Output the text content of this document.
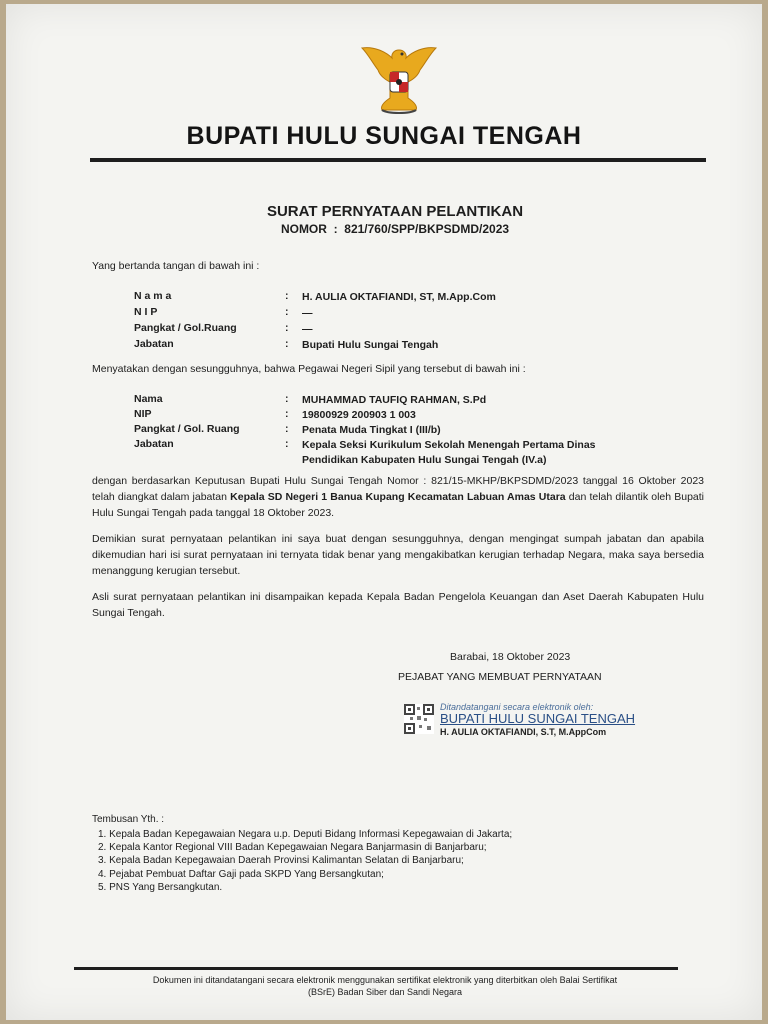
BUPATI HULU SUNGAI TENGAH
SURAT PERNYATAAN PELANTIKAN
NOMOR  :  821/760/SPP/BKPSDMD/2023
Yang bertanda tangan di bawah ini :
N a m a	: H. AULIA OKTAFIANDI, ST, M.App.Com
N I P	: —
Pangkat / Gol.Ruang	: —
Jabatan	: Bupati Hulu Sungai Tengah
Menyatakan dengan sesungguhnya, bahwa Pegawai Negeri Sipil yang tersebut di bawah ini :
Nama	: MUHAMMAD TAUFIQ RAHMAN, S.Pd
NIP	: 19800929 200903 1 003
Pangkat / Gol. Ruang	: Penata Muda Tingkat I (III/b)
Jabatan	: Kepala Seksi Kurikulum Sekolah Menengah Pertama Dinas
Pendidikan Kabupaten Hulu Sungai Tengah (IV.a)
dengan berdasarkan Keputusan Bupati Hulu Sungai Tengah Nomor : 821/15-MKHP/BKPSDMD/2023 tanggal 16 Oktober 2023 telah diangkat dalam jabatan Kepala SD Negeri 1 Banua Kupang Kecamatan Labuan Amas Utara dan telah dilantik oleh Bupati Hulu Sungai Tengah pada tanggal 18 Oktober 2023.
Demikian surat pernyataan pelantikan ini saya buat dengan sesungguhnya, dengan mengingat sumpah jabatan dan apabila dikemudian hari isi surat pernyataan ini ternyata tidak benar yang mengakibatkan kerugian terhadap Negara, maka saya bersedia menanggung kerugian tersebut.
Asli surat pernyataan pelantikan ini disampaikan kepada Kepala Badan Pengelola Keuangan dan Aset Daerah Kabupaten Hulu Sungai Tengah.
Barabai, 18 Oktober 2023
PEJABAT YANG MEMBUAT PERNYATAAN
Ditandatangani secara elektronik oleh:
BUPATI HULU SUNGAI TENGAH
H. AULIA OKTAFIANDI, S.T, M.AppCom
Tembusan Yth. :
1. Kepala Badan Kepegawaian Negara u.p. Deputi Bidang Informasi Kepegawaian di Jakarta;
2. Kepala Kantor Regional VIII Badan Kepegawaian Negara Banjarmasin di Banjarbaru;
3. Kepala Badan Kepegawaian Daerah Provinsi Kalimantan Selatan di Banjarbaru;
4. Pejabat Pembuat Daftar Gaji pada SKPD Yang Bersangkutan;
5. PNS Yang Bersangkutan.
Dokumen ini ditandatangani secara elektronik menggunakan sertifikat elektronik yang diterbitkan oleh Balai Sertifikat
(BSrE) Badan Siber dan Sandi Negara
